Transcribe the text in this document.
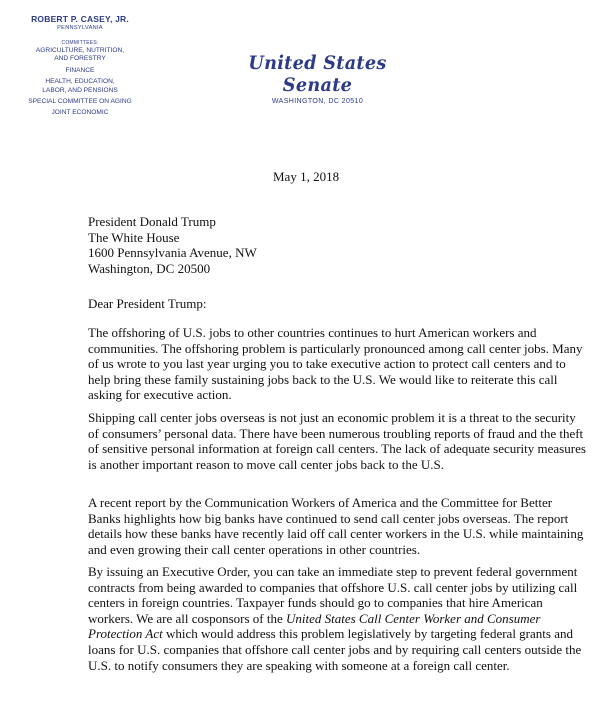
ROBERT P. CASEY, JR.
PENNSYLVANIA
COMMITTEES:
AGRICULTURE, NUTRITION,
AND FORESTRY
FINANCE
HEALTH, EDUCATION,
LABOR, AND PENSIONS
SPECIAL COMMITTEE ON AGING
JOINT ECONOMIC
United States Senate
WASHINGTON, DC 20510
May 1, 2018
President Donald Trump
The White House
1600 Pennsylvania Avenue, NW
Washington, DC 20500
Dear President Trump:

The offshoring of U.S. jobs to other countries continues to hurt American workers and communities. The offshoring problem is particularly pronounced among call center jobs. Many of us wrote to you last year urging you to take executive action to protect call centers and to help bring these family sustaining jobs back to the U.S. We would like to reiterate this call asking for executive action.

Shipping call center jobs overseas is not just an economic problem it is a threat to the security of consumers’ personal data. There have been numerous troubling reports of fraud and the theft of sensitive personal information at foreign call centers. The lack of adequate security measures is another important reason to move call center jobs back to the U.S.

A recent report by the Communication Workers of America and the Committee for Better Banks highlights how big banks have continued to send call center jobs overseas. The report details how these banks have recently laid off call center workers in the U.S. while maintaining and even growing their call center operations in other countries.

By issuing an Executive Order, you can take an immediate step to prevent federal government contracts from being awarded to companies that offshore U.S. call center jobs by utilizing call centers in foreign countries. Taxpayer funds should go to companies that hire American workers. We are all cosponsors of the United States Call Center Worker and Consumer Protection Act which would address this problem legislatively by targeting federal grants and loans for U.S. companies that offshore call center jobs and by requiring call centers outside the U.S. to notify consumers they are speaking with someone at a foreign call center.
